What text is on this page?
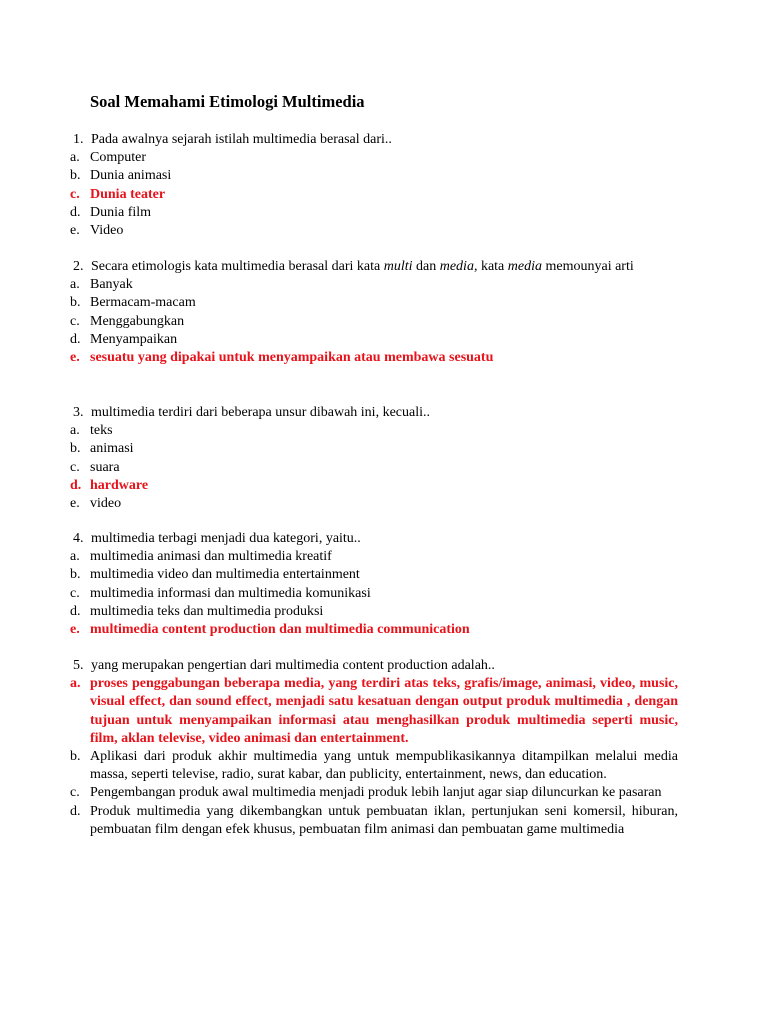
Soal Memahami Etimologi Multimedia
1. Pada awalnya sejarah istilah multimedia berasal dari..
a. Computer
b. Dunia animasi
c. Dunia teater
d. Dunia film
e. Video
2. Secara etimologis kata multimedia berasal dari kata multi dan media, kata media memounyai arti
a. Banyak
b. Bermacam-macam
c. Menggabungkan
d. Menyampaikan
e. sesuatu yang dipakai untuk menyampaikan atau membawa sesuatu
3. multimedia terdiri dari beberapa unsur dibawah ini, kecuali..
a. teks
b. animasi
c. suara
d. hardware
e. video
4. multimedia terbagi menjadi dua kategori, yaitu..
a. multimedia animasi dan multimedia kreatif
b. multimedia video dan multimedia entertainment
c. multimedia informasi dan multimedia komunikasi
d. multimedia teks dan multimedia produksi
e. multimedia content production dan multimedia communication
5. yang merupakan pengertian dari multimedia content production adalah..
a. proses penggabungan beberapa media, yang terdiri atas teks, grafis/image, animasi, video, music, visual effect, dan sound effect, menjadi satu kesatuan dengan output produk multimedia , dengan tujuan untuk menyampaikan informasi atau menghasilkan produk multimedia seperti music, film, aklan televise, video animasi dan entertainment.
b. Aplikasi dari produk akhir multimedia yang untuk mempublikasikannya ditampilkan melalui media massa, seperti televise, radio, surat kabar, dan publicity, entertainment, news, dan education.
c. Pengembangan produk awal multimedia menjadi produk lebih lanjut agar siap diluncurkan ke pasaran
d. Produk multimedia yang dikembangkan untuk pembuatan iklan, pertunjukan seni komersil, hiburan, pembuatan film dengan efek khusus, pembuatan film animasi dan pembuatan game multimedia
